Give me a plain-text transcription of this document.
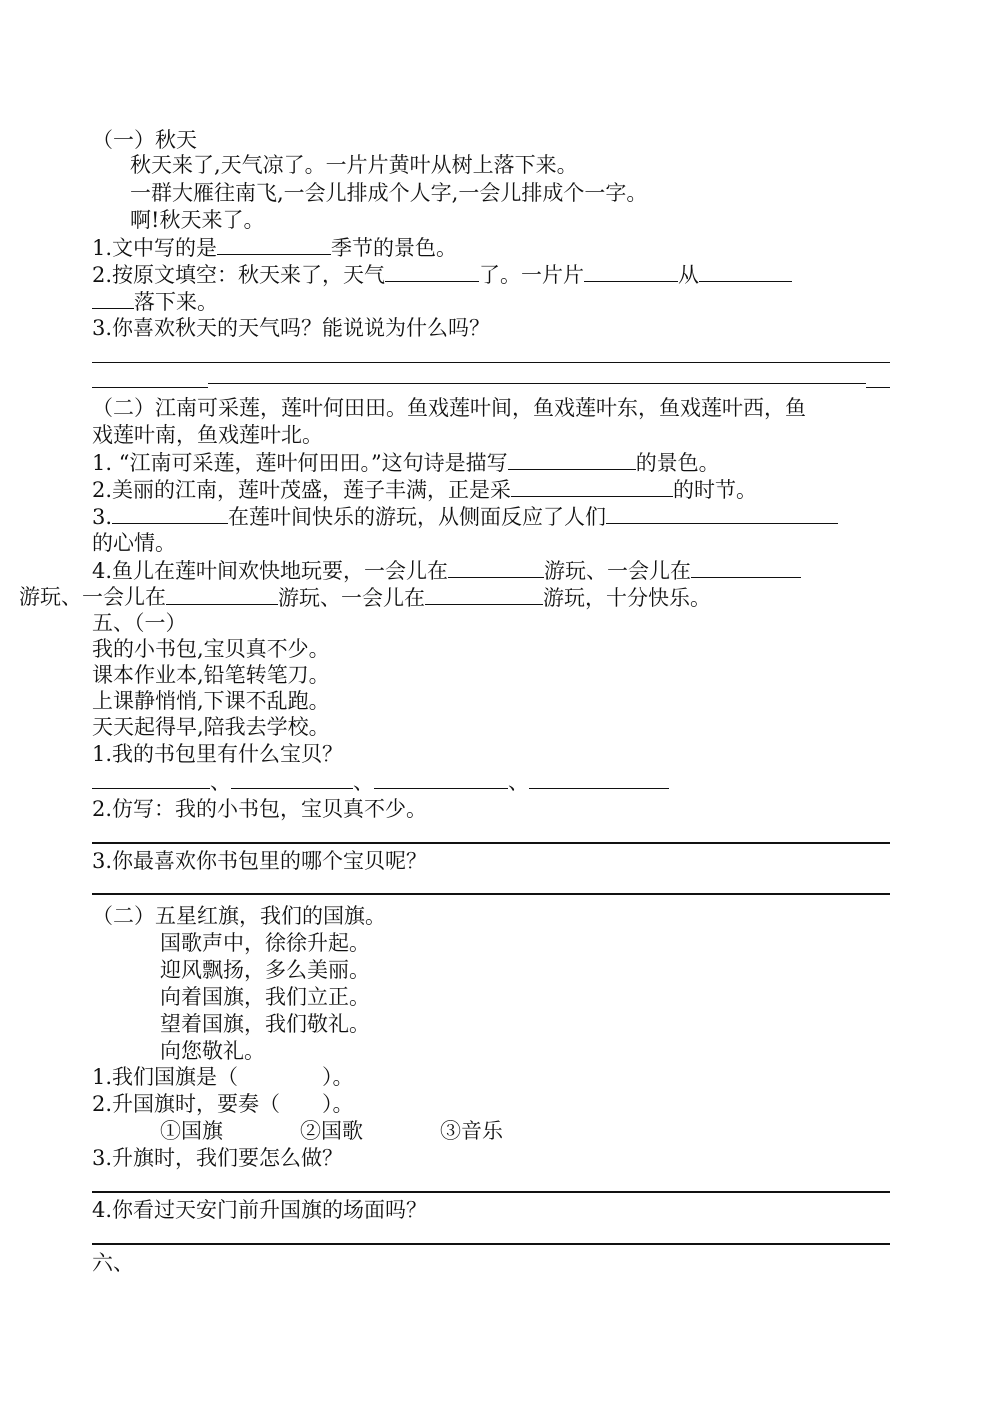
（一）秋天
秋天来了,天气凉了。一片片黄叶从树上落下来。
一群大雁往南飞,一会儿排成个人字,一会儿排成个一字。
啊!秋天来了。
1.文中写的是	季节的景色。
2.按原文填空：秋天来了，天气	了。一片片	从
落下来。
3.你喜欢秋天的天气吗？能说说为什么吗？
（二）江南可采莲，莲叶何田田。鱼戏莲叶间，鱼戏莲叶东，鱼戏莲叶西，鱼
戏莲叶南，鱼戏莲叶北。
1. “江南可采莲，莲叶何田田。”这句诗是描写	的景色。
2.美丽的江南，莲叶茂盛，莲子丰满，正是采	的时节。
3.	在莲叶间快乐的游玩，从侧面反应了人们
的心情。
4.鱼儿在莲叶间欢快地玩要，一会儿在	游玩、一会儿在
游玩、一会儿在	游玩、一会儿在	游玩，十分快乐。
五、（一）
我的小书包,宝贝真不少。
课本作业本,铅笔转笔刀。
上课静悄悄,下课不乱跑。
天天起得早,陪我去学校。
1.我的书包里有什么宝贝？
、	、	、
2.仿写：我的小书包，宝贝真不少。
3.你最喜欢你书包里的哪个宝贝呢？
（二）五星红旗，我们的国旗。
国歌声中，徐徐升起。
迎风飘扬，多么美丽。
向着国旗，我们立正。
望着国旗，我们敬礼。
向您敬礼。
1.我们国旗是（　　　　）。
2.升国旗时，要奏（　　）。
①国旗	②国歌	③音乐
3.升旗时，我们要怎么做？
4.你看过天安门前升国旗的场面吗？
六、
